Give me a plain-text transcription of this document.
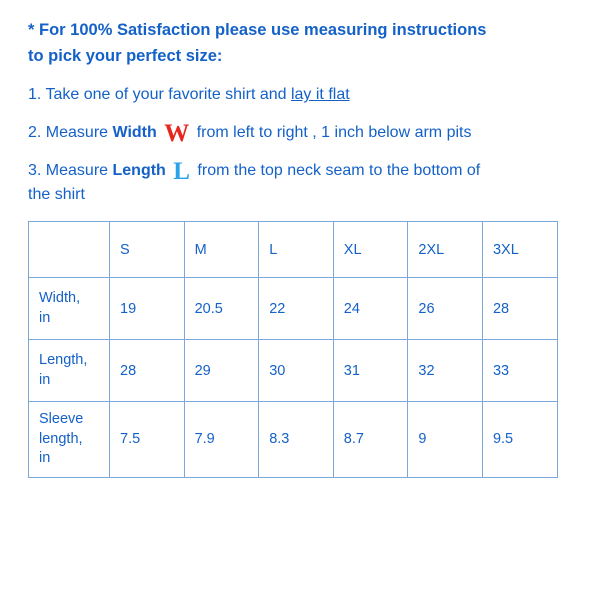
* For 100% Satisfaction please use measuring instructions
to pick your perfect size:
1. Take one of your favorite shirt and lay it flat
2. Measure Width W from left to right , 1 inch below arm pits
3. Measure Length L from the top neck seam to the bottom of
the shirt
	S	M	L	XL	2XL	3XL
Width,
in	19	20.5	22	24	26	28
Length,
in	28	29	30	31	32	33
Sleeve
length,
in	7.5	7.9	8.3	8.7	9	9.5
